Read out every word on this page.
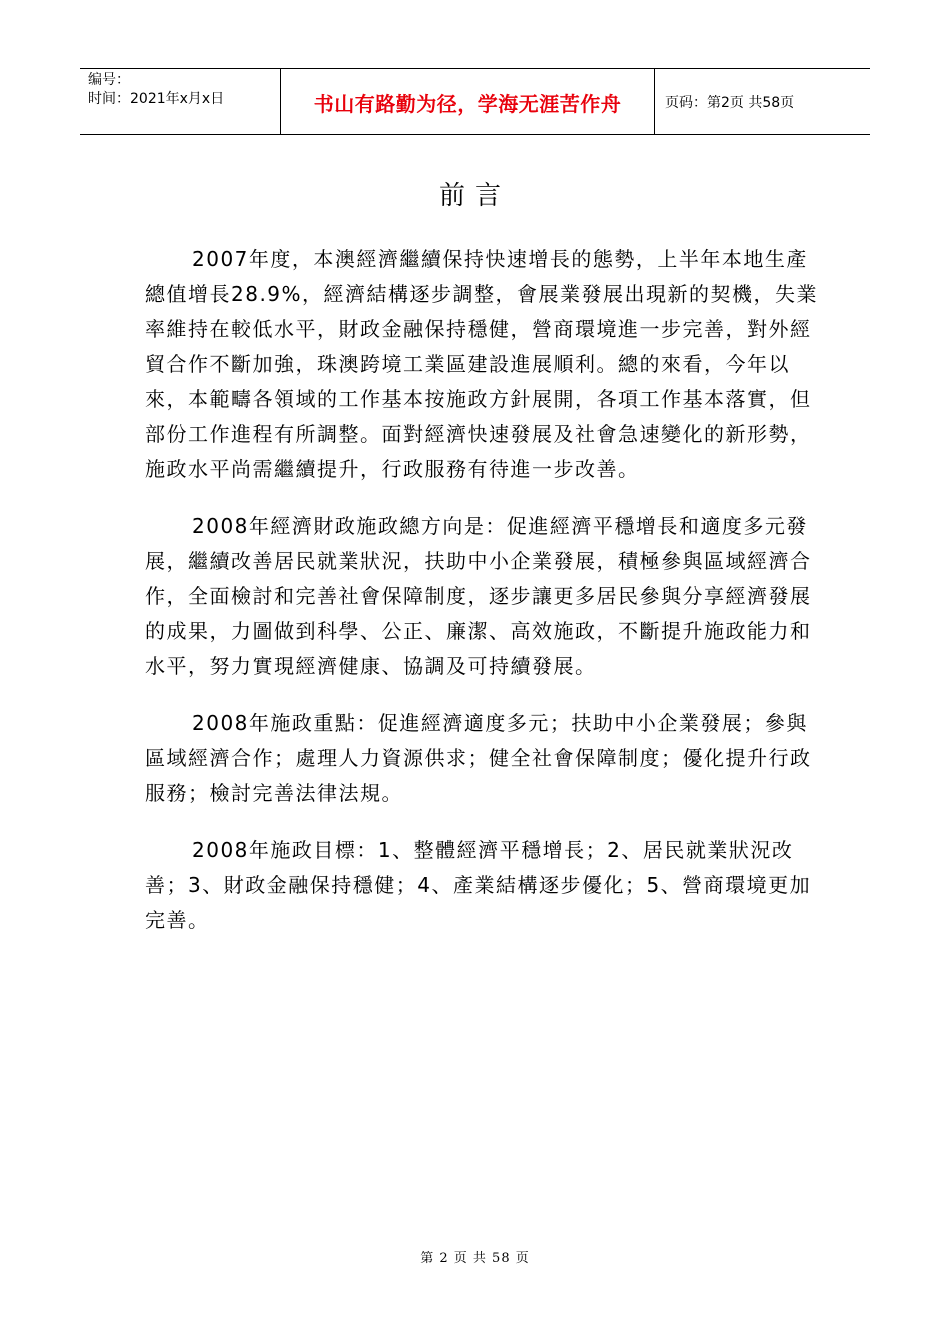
编号：
时间：2021年x月x日	书山有路勤为径，学海无涯苦作舟	页码：第2页 共58页
前言

2007年度，本澳經濟繼續保持快速增長的態勢，上半年本地生產總值增長28.9%，經濟結構逐步調整，會展業發展出現新的契機，失業率維持在較低水平，財政金融保持穩健，營商環境進一步完善，對外經貿合作不斷加強，珠澳跨境工業區建設進展順利。總的來看，今年以來，本範疇各領域的工作基本按施政方針展開，各項工作基本落實，但部份工作進程有所調整。面對經濟快速發展及社會急速變化的新形勢，施政水平尚需繼續提升，行政服務有待進一步改善。

2008年經濟財政施政總方向是：促進經濟平穩增長和適度多元發展，繼續改善居民就業狀況，扶助中小企業發展，積極參與區域經濟合作，全面檢討和完善社會保障制度，逐步讓更多居民參與分享經濟發展的成果，力圖做到科學、公正、廉潔、高效施政，不斷提升施政能力和水平，努力實現經濟健康、協調及可持續發展。

2008年施政重點：促進經濟適度多元；扶助中小企業發展；參與區域經濟合作；處理人力資源供求；健全社會保障制度；優化提升行政服務；檢討完善法律法規。

2008年施政目標：1、整體經濟平穩增長；2、居民就業狀況改善；3、財政金融保持穩健；4、產業結構逐步優化；5、營商環境更加完善。

第 2 页 共 58 页
